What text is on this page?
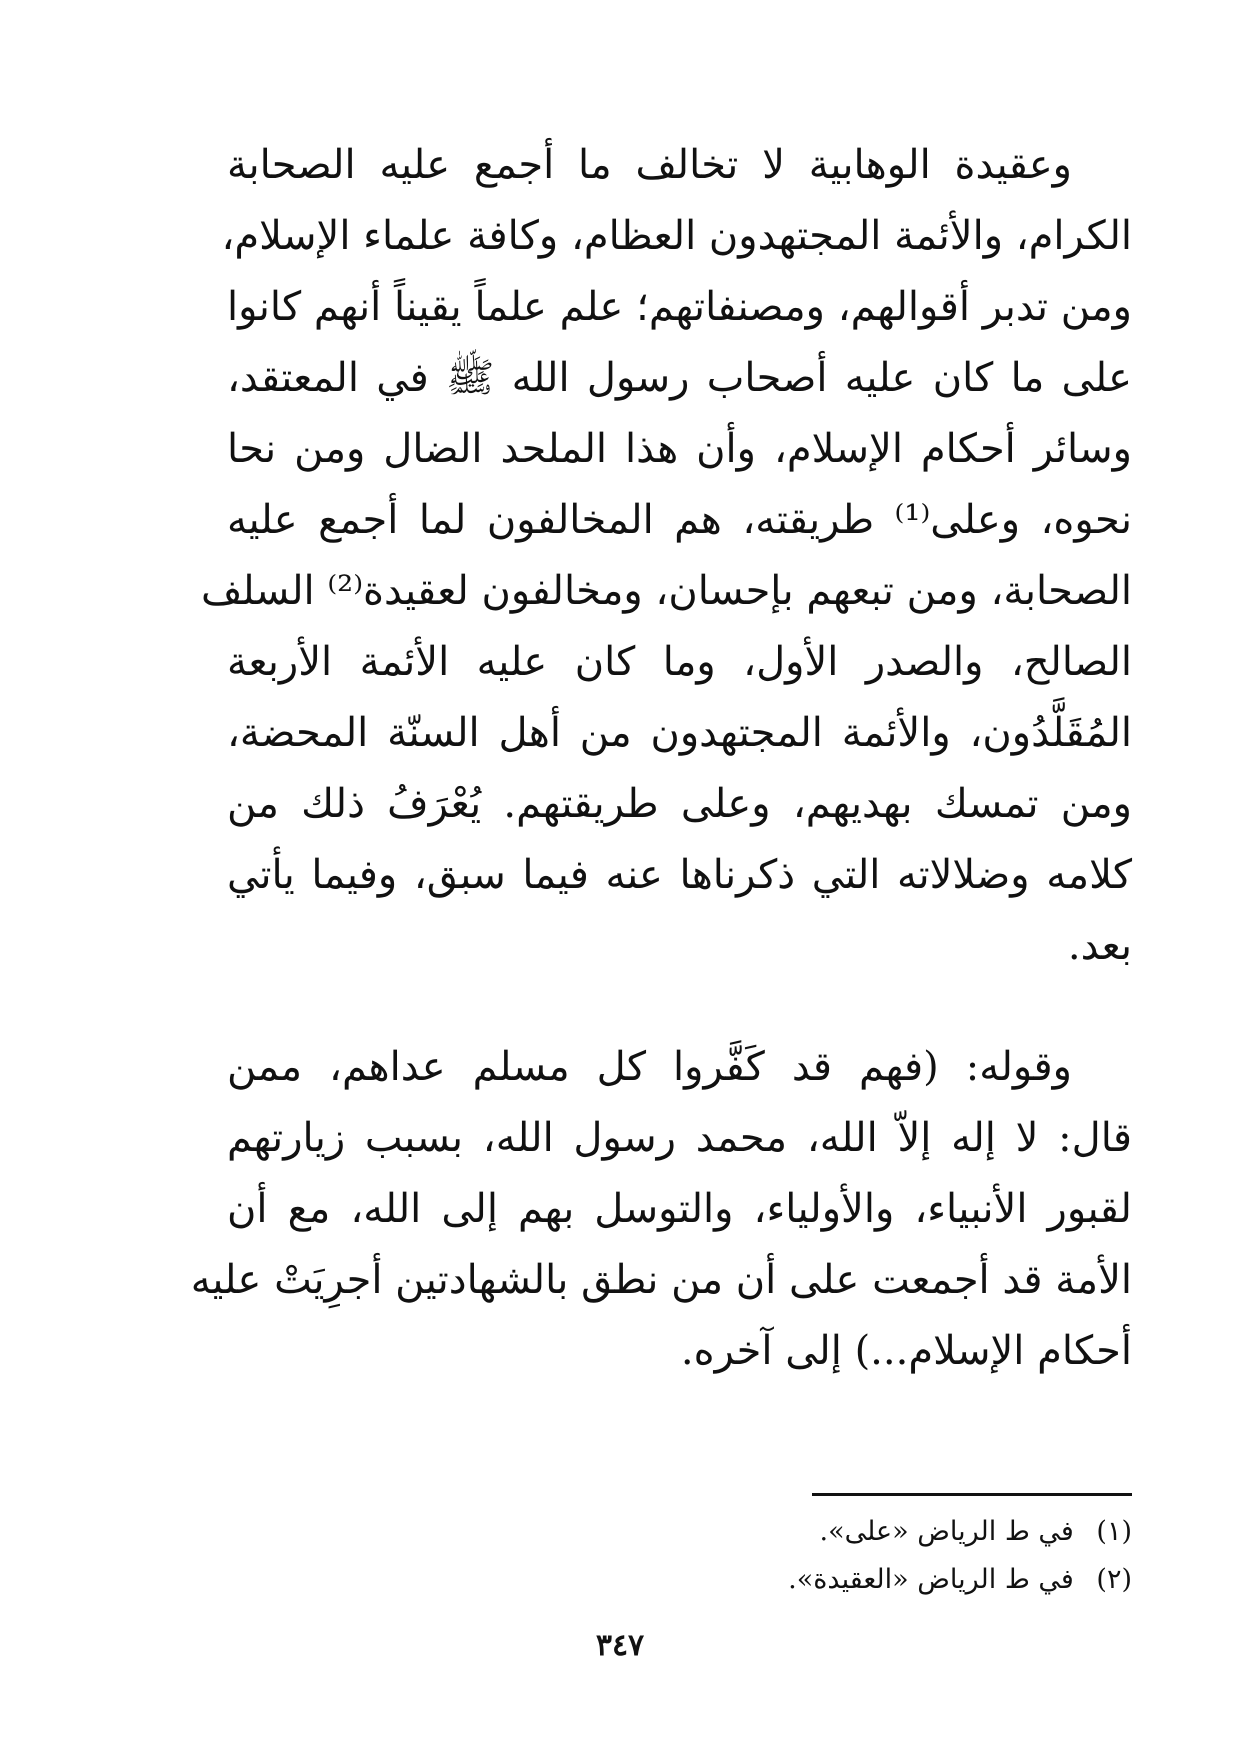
وعقيدة الوهابية لا تخالف ما أجمع عليه الصحابة
الكرام، والأئمة المجتهدون العظام، وكافة علماء الإسلام،
ومن تدبر أقوالهم، ومصنفاتهم؛ علم علماً يقيناً أنهم كانوا
على ما كان عليه أصحاب رسول الله ﷺ في المعتقد،
وسائر أحكام الإسلام، وأن هذا الملحد الضال ومن نحا
نحوه، وعلى⁽¹⁾ طريقته، هم المخالفون لما أجمع عليه
الصحابة، ومن تبعهم بإحسان، ومخالفون لعقيدة⁽²⁾ السلف
الصالح، والصدر الأول، وما كان عليه الأئمة الأربعة
المُقَلَّدُون، والأئمة المجتهدون من أهل السنّة المحضة،
ومن تمسك بهديهم، وعلى طريقتهم. يُعْرَفُ ذلك من
كلامه وضلالاته التي ذكرناها عنه فيما سبق، وفيما يأتي
بعد.
وقوله: (فهم قد كَفَّروا كل مسلم عداهم، ممن
قال: لا إله إلاّ الله، محمد رسول الله، بسبب زيارتهم
لقبور الأنبياء، والأولياء، والتوسل بهم إلى الله، مع أن
الأمة قد أجمعت على أن من نطق بالشهادتين أجرِيَتْ عليه
أحكام الإسلام...) إلى آخره.
(١) في ط الرياض «على».
(٢) في ط الرياض «العقيدة».
٣٤٧
